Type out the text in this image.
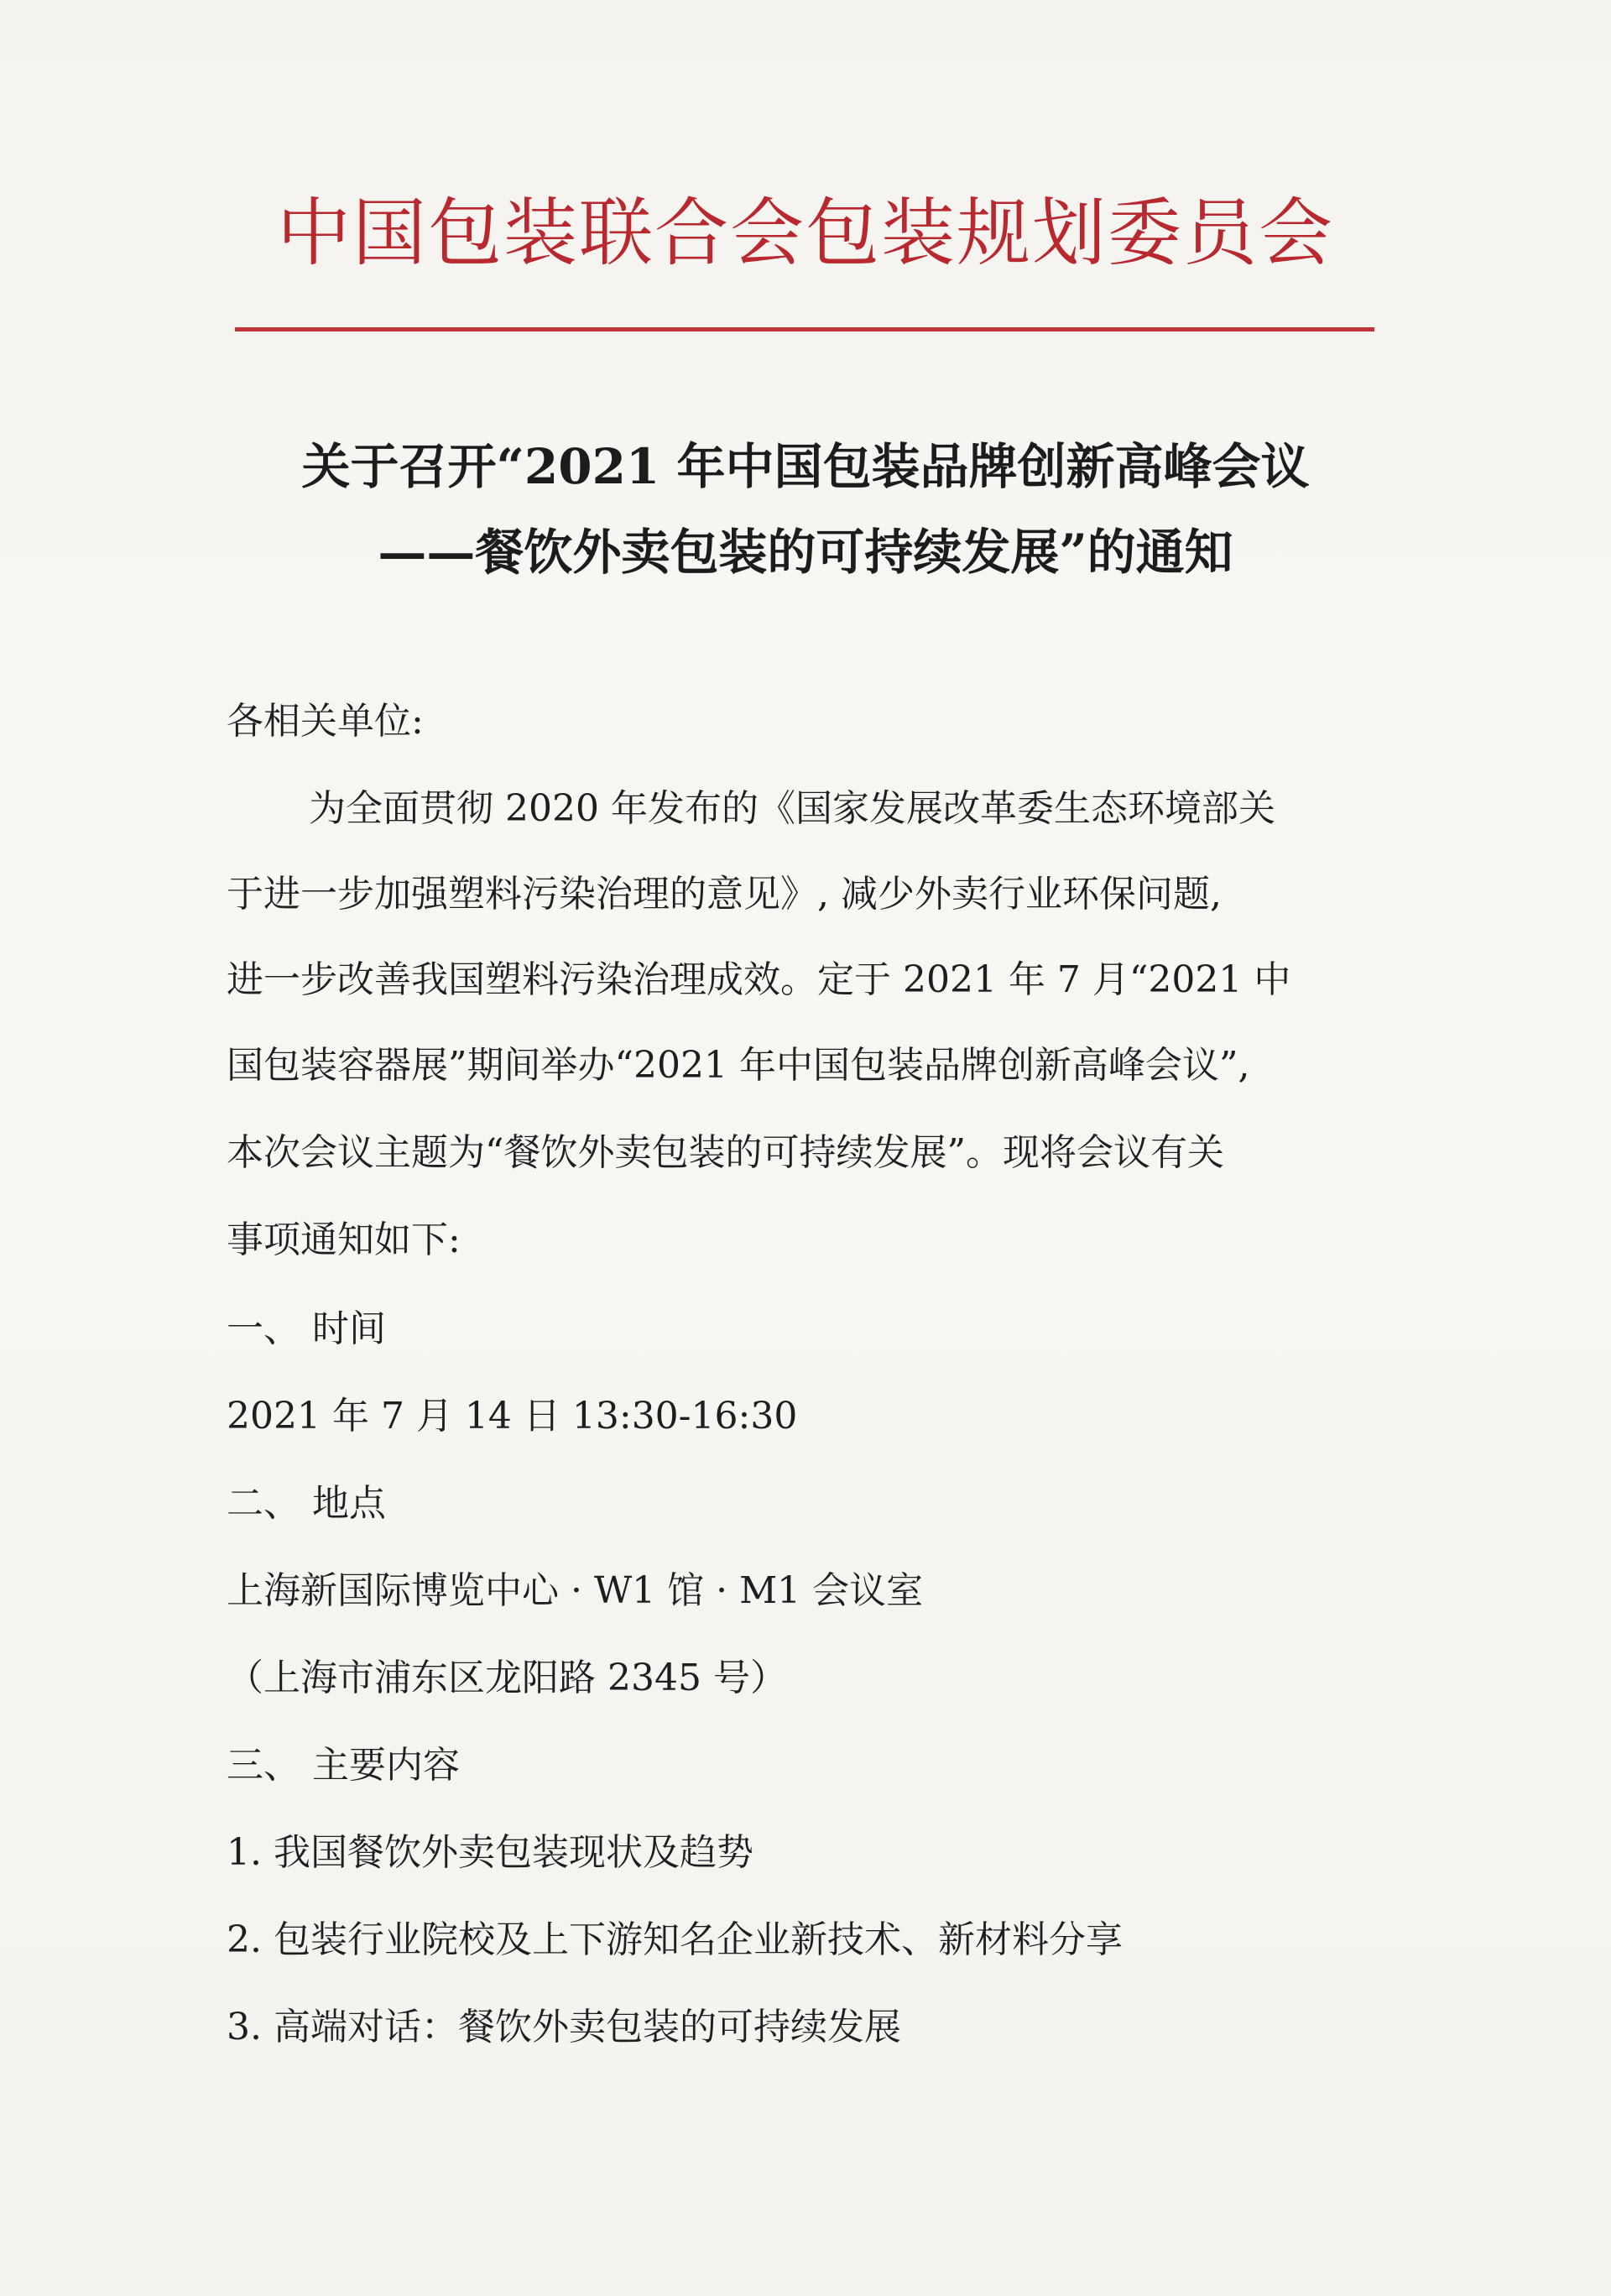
中国包装联合会包装规划委员会
关于召开“2021 年中国包装品牌创新高峰会议
——餐饮外卖包装的可持续发展”的通知
各相关单位:
为全面贯彻 2020 年发布的《国家发展改革委生态环境部关
于进一步加强塑料污染治理的意见》, 减少外卖行业环保问题,
进一步改善我国塑料污染治理成效。定于 2021 年 7 月“2021 中
国包装容器展”期间举办“2021 年中国包装品牌创新高峰会议”,
本次会议主题为“餐饮外卖包装的可持续发展”。现将会议有关
事项通知如下:
一、 时间
2021 年 7 月 14 日 13:30-16:30
二、 地点
上海新国际博览中心 · W1 馆 · M1 会议室
（上海市浦东区龙阳路 2345 号）
三、 主要内容
1. 我国餐饮外卖包装现状及趋势
2. 包装行业院校及上下游知名企业新技术、新材料分享
3. 高端对话：餐饮外卖包装的可持续发展
